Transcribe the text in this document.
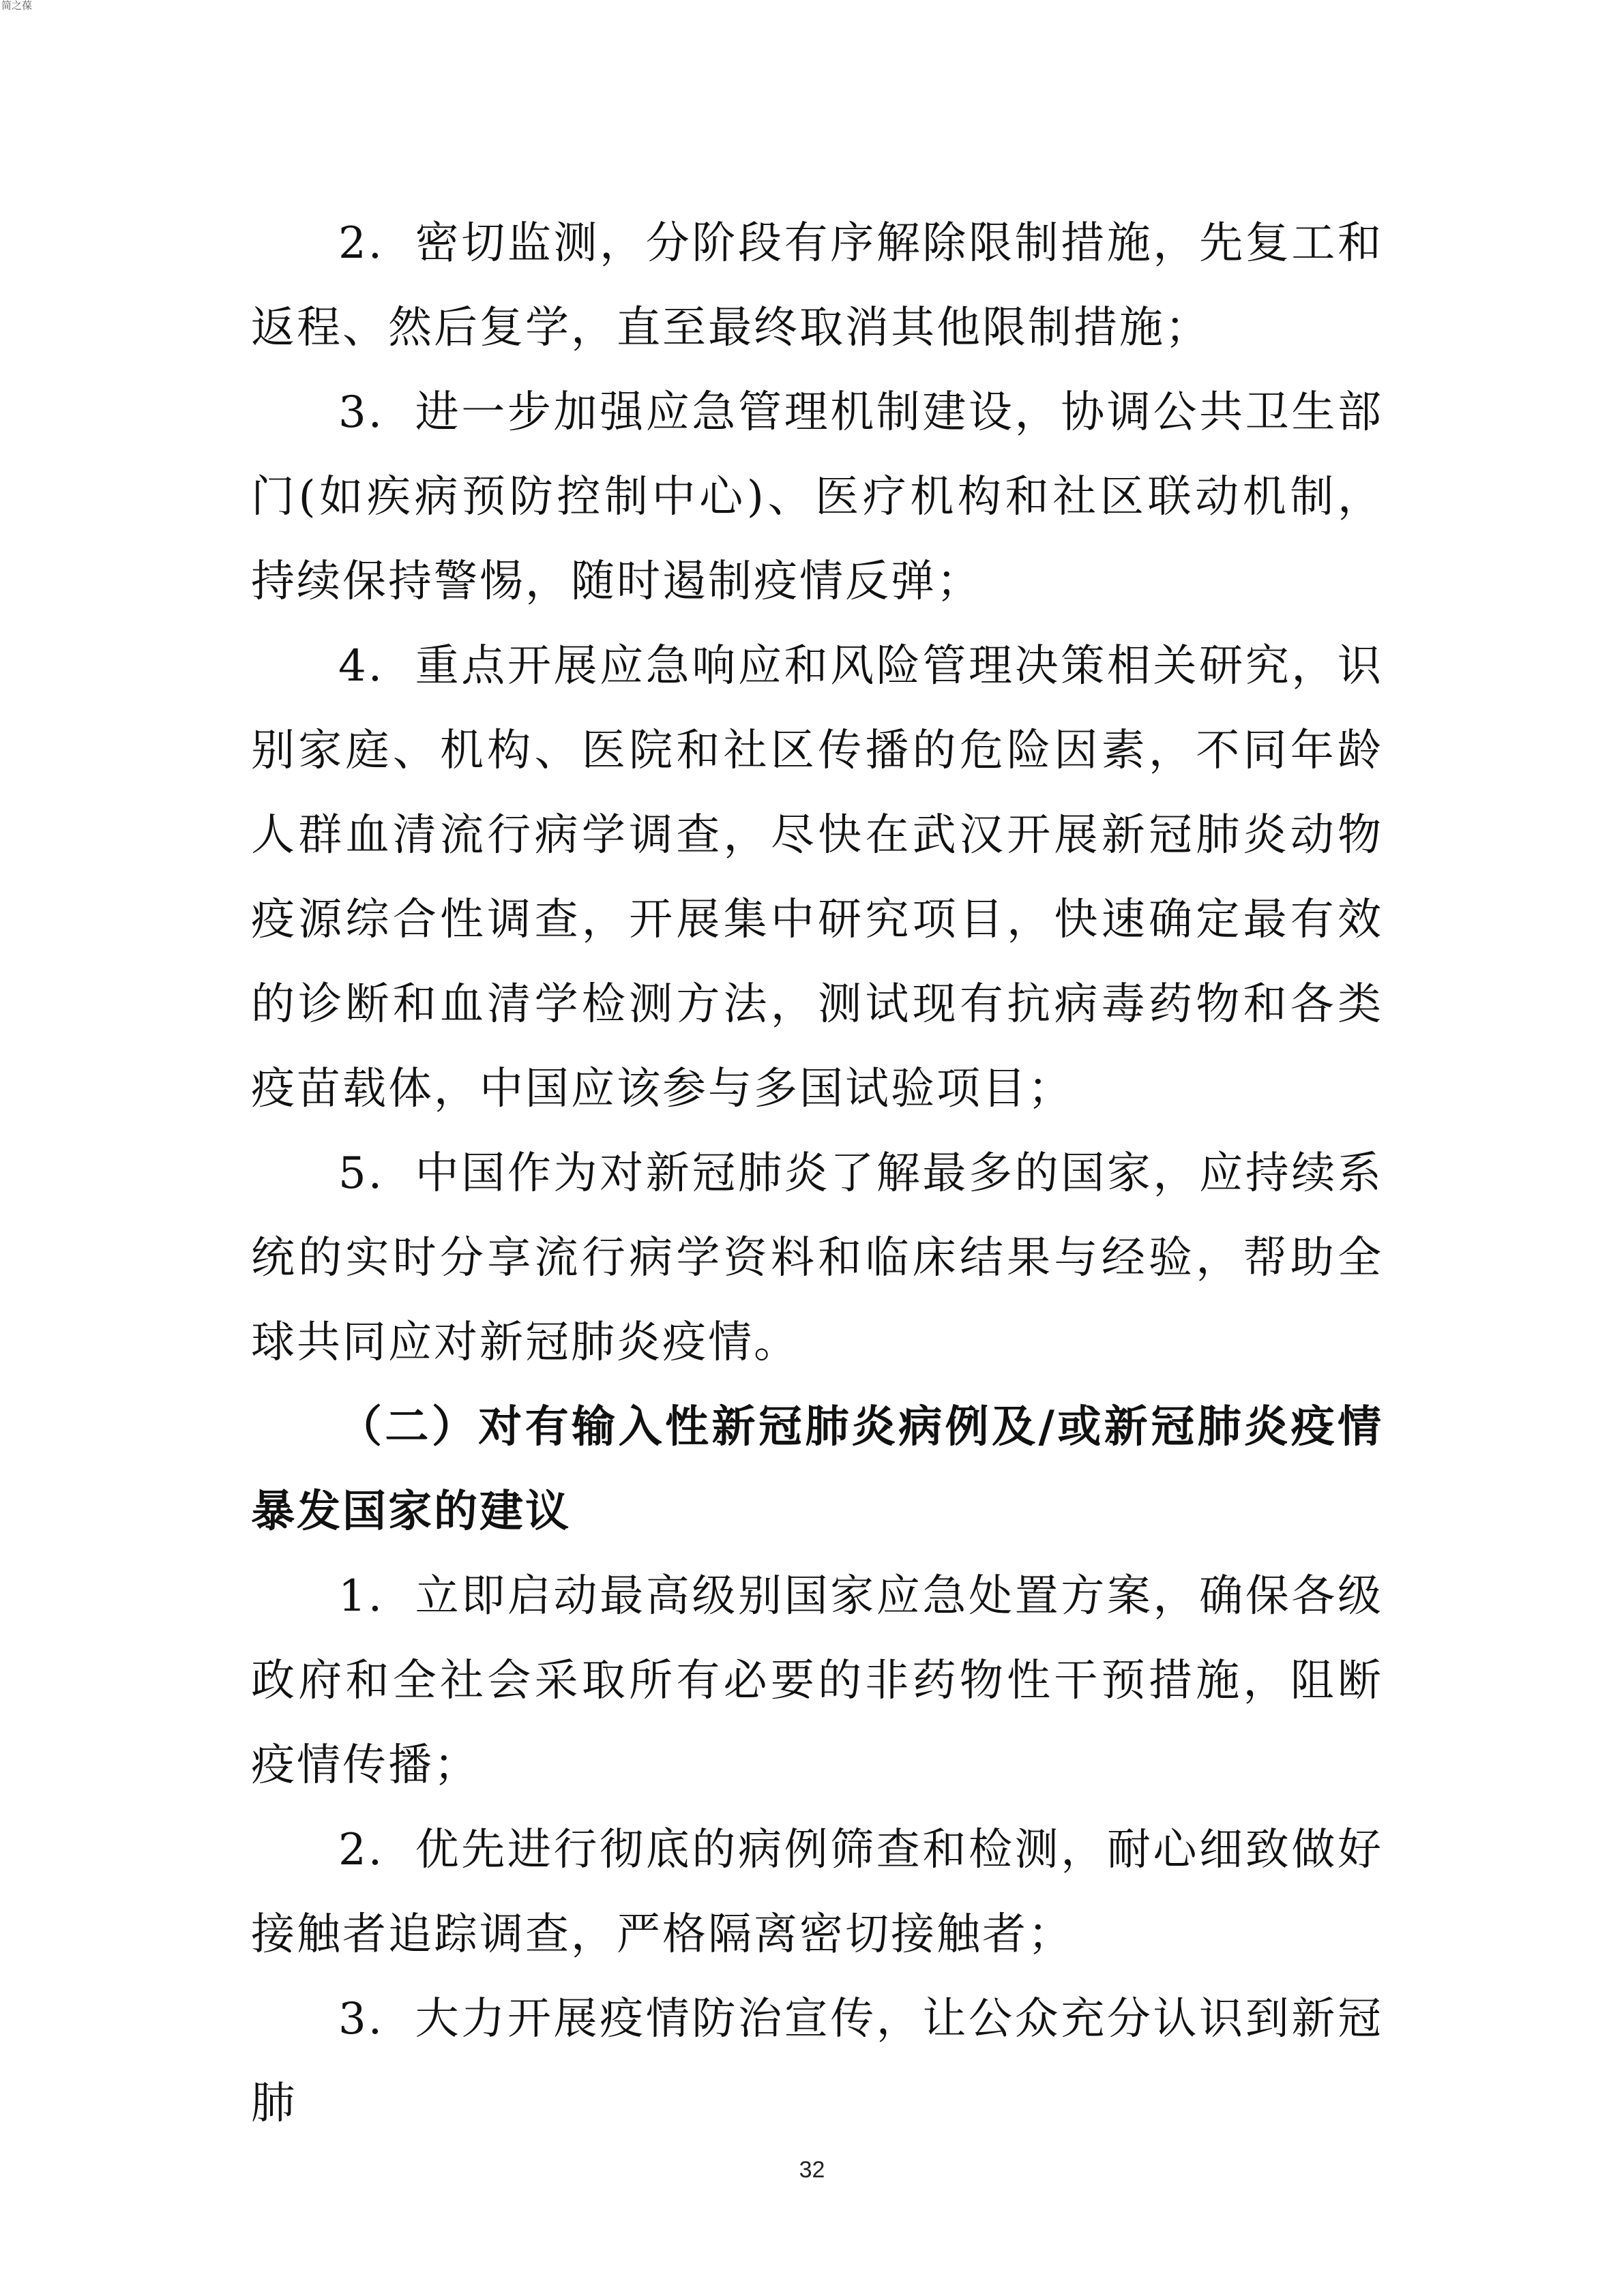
简之葆

2. 密切监测，分阶段有序解除限制措施，先复工和返程、然后复学，直至最终取消其他限制措施；

3. 进一步加强应急管理机制建设，协调公共卫生部门(如疾病预防控制中心)、医疗机构和社区联动机制，持续保持警惕，随时遏制疫情反弹；

4. 重点开展应急响应和风险管理决策相关研究，识别家庭、机构、医院和社区传播的危险因素，不同年龄人群血清流行病学调查，尽快在武汉开展新冠肺炎动物疫源综合性调查，开展集中研究项目，快速确定最有效的诊断和血清学检测方法，测试现有抗病毒药物和各类疫苗载体，中国应该参与多国试验项目；

5. 中国作为对新冠肺炎了解最多的国家，应持续系统的实时分享流行病学资料和临床结果与经验，帮助全球共同应对新冠肺炎疫情。

（二）对有输入性新冠肺炎病例及/或新冠肺炎疫情暴发国家的建议

1. 立即启动最高级别国家应急处置方案，确保各级政府和全社会采取所有必要的非药物性干预措施，阻断疫情传播；

2. 优先进行彻底的病例筛查和检测，耐心细致做好接触者追踪调查，严格隔离密切接触者；

3. 大力开展疫情防治宣传，让公众充分认识到新冠肺

32
